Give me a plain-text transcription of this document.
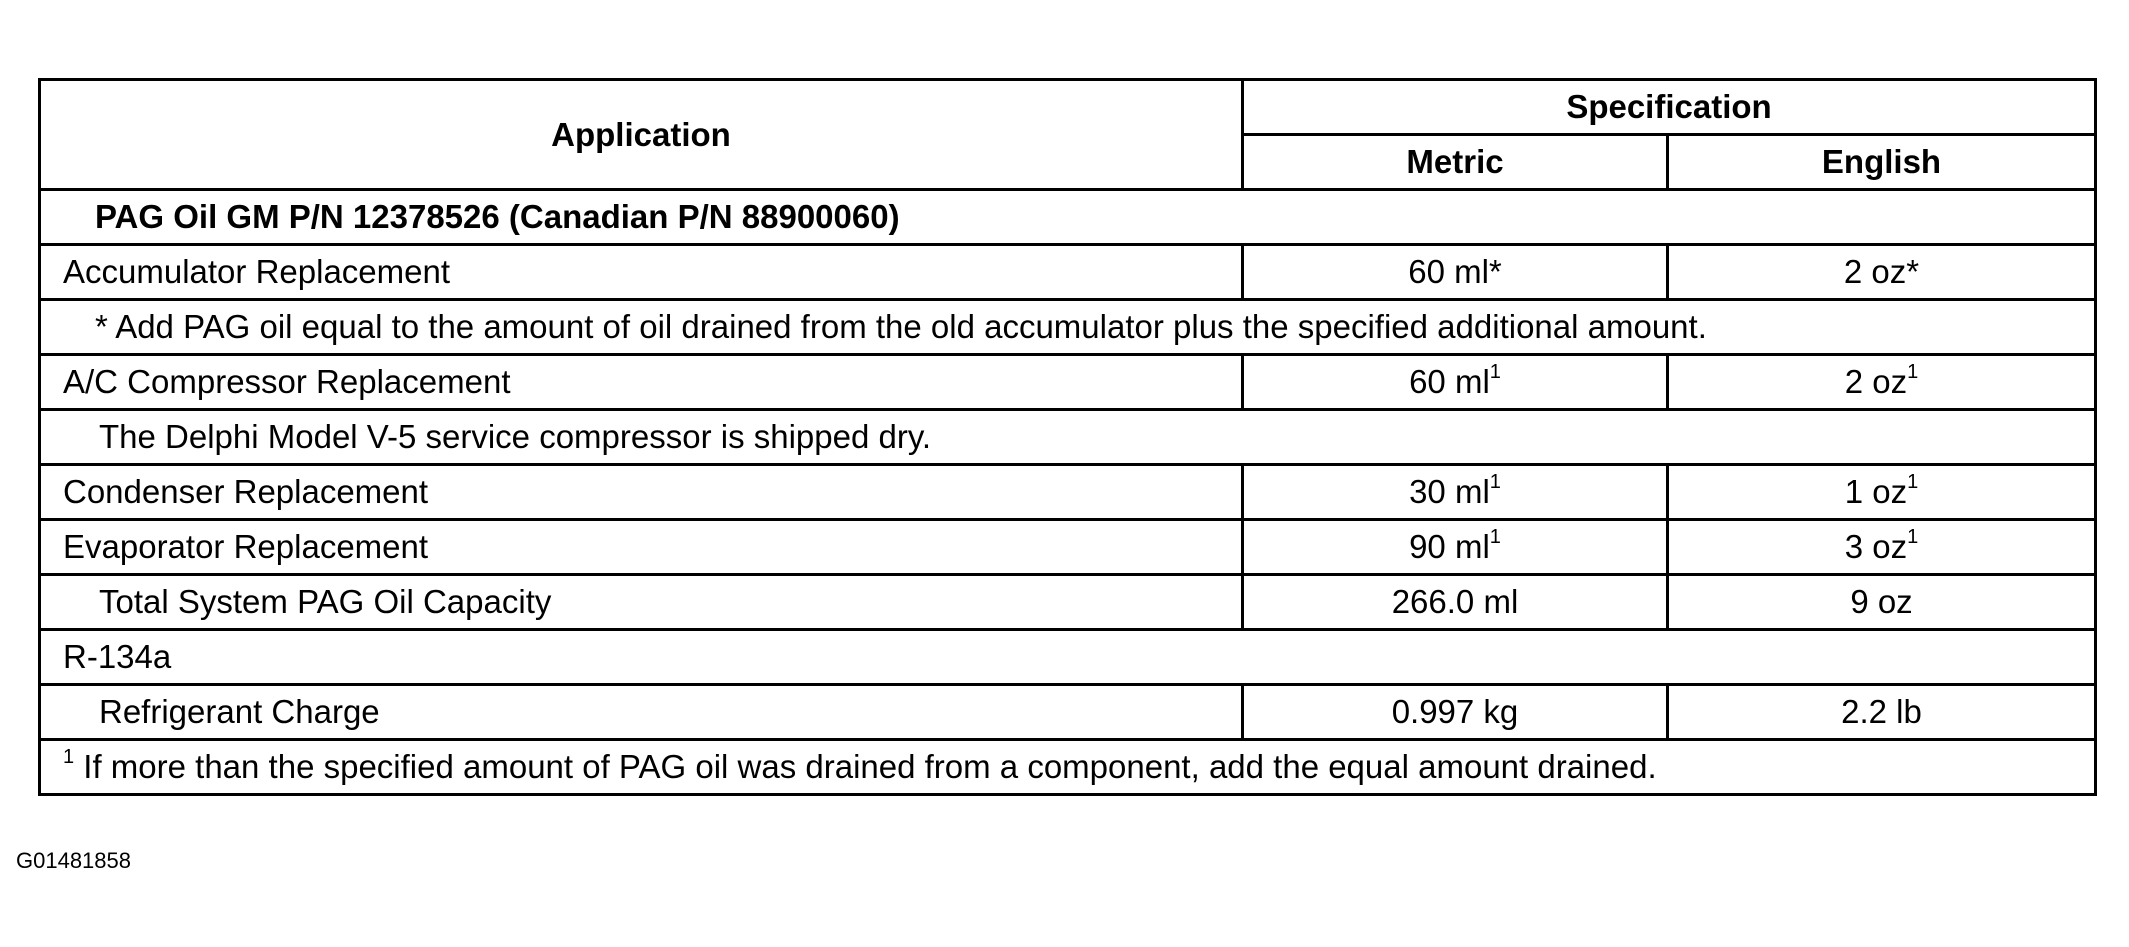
Application	Specification	
	Metric	English
PAG Oil GM P/N 12378526 (Canadian P/N 88900060)		
Accumulator Replacement	60 ml*	2 oz*
* Add PAG oil equal to the amount of oil drained from the old accumulator plus the specified additional amount.		
A/C Compressor Replacement	60 $ml^1$	2 $oz^1$
The Delphi Model V-5 service compressor is shipped dry.		
Condenser Replacement	30 $ml^1$	1 $oz^1$
Evaporator Replacement	90 $ml^1$	3 $oz^1$
Total System PAG Oil Capacity	266.0 ml	9 oz
R-134a		
Refrigerant Charge	0.997 kg	2.2 lb
$^1$ If more than the specified amount of PAG oil was drained from a component, add the equal amount drained.		
G01481858
